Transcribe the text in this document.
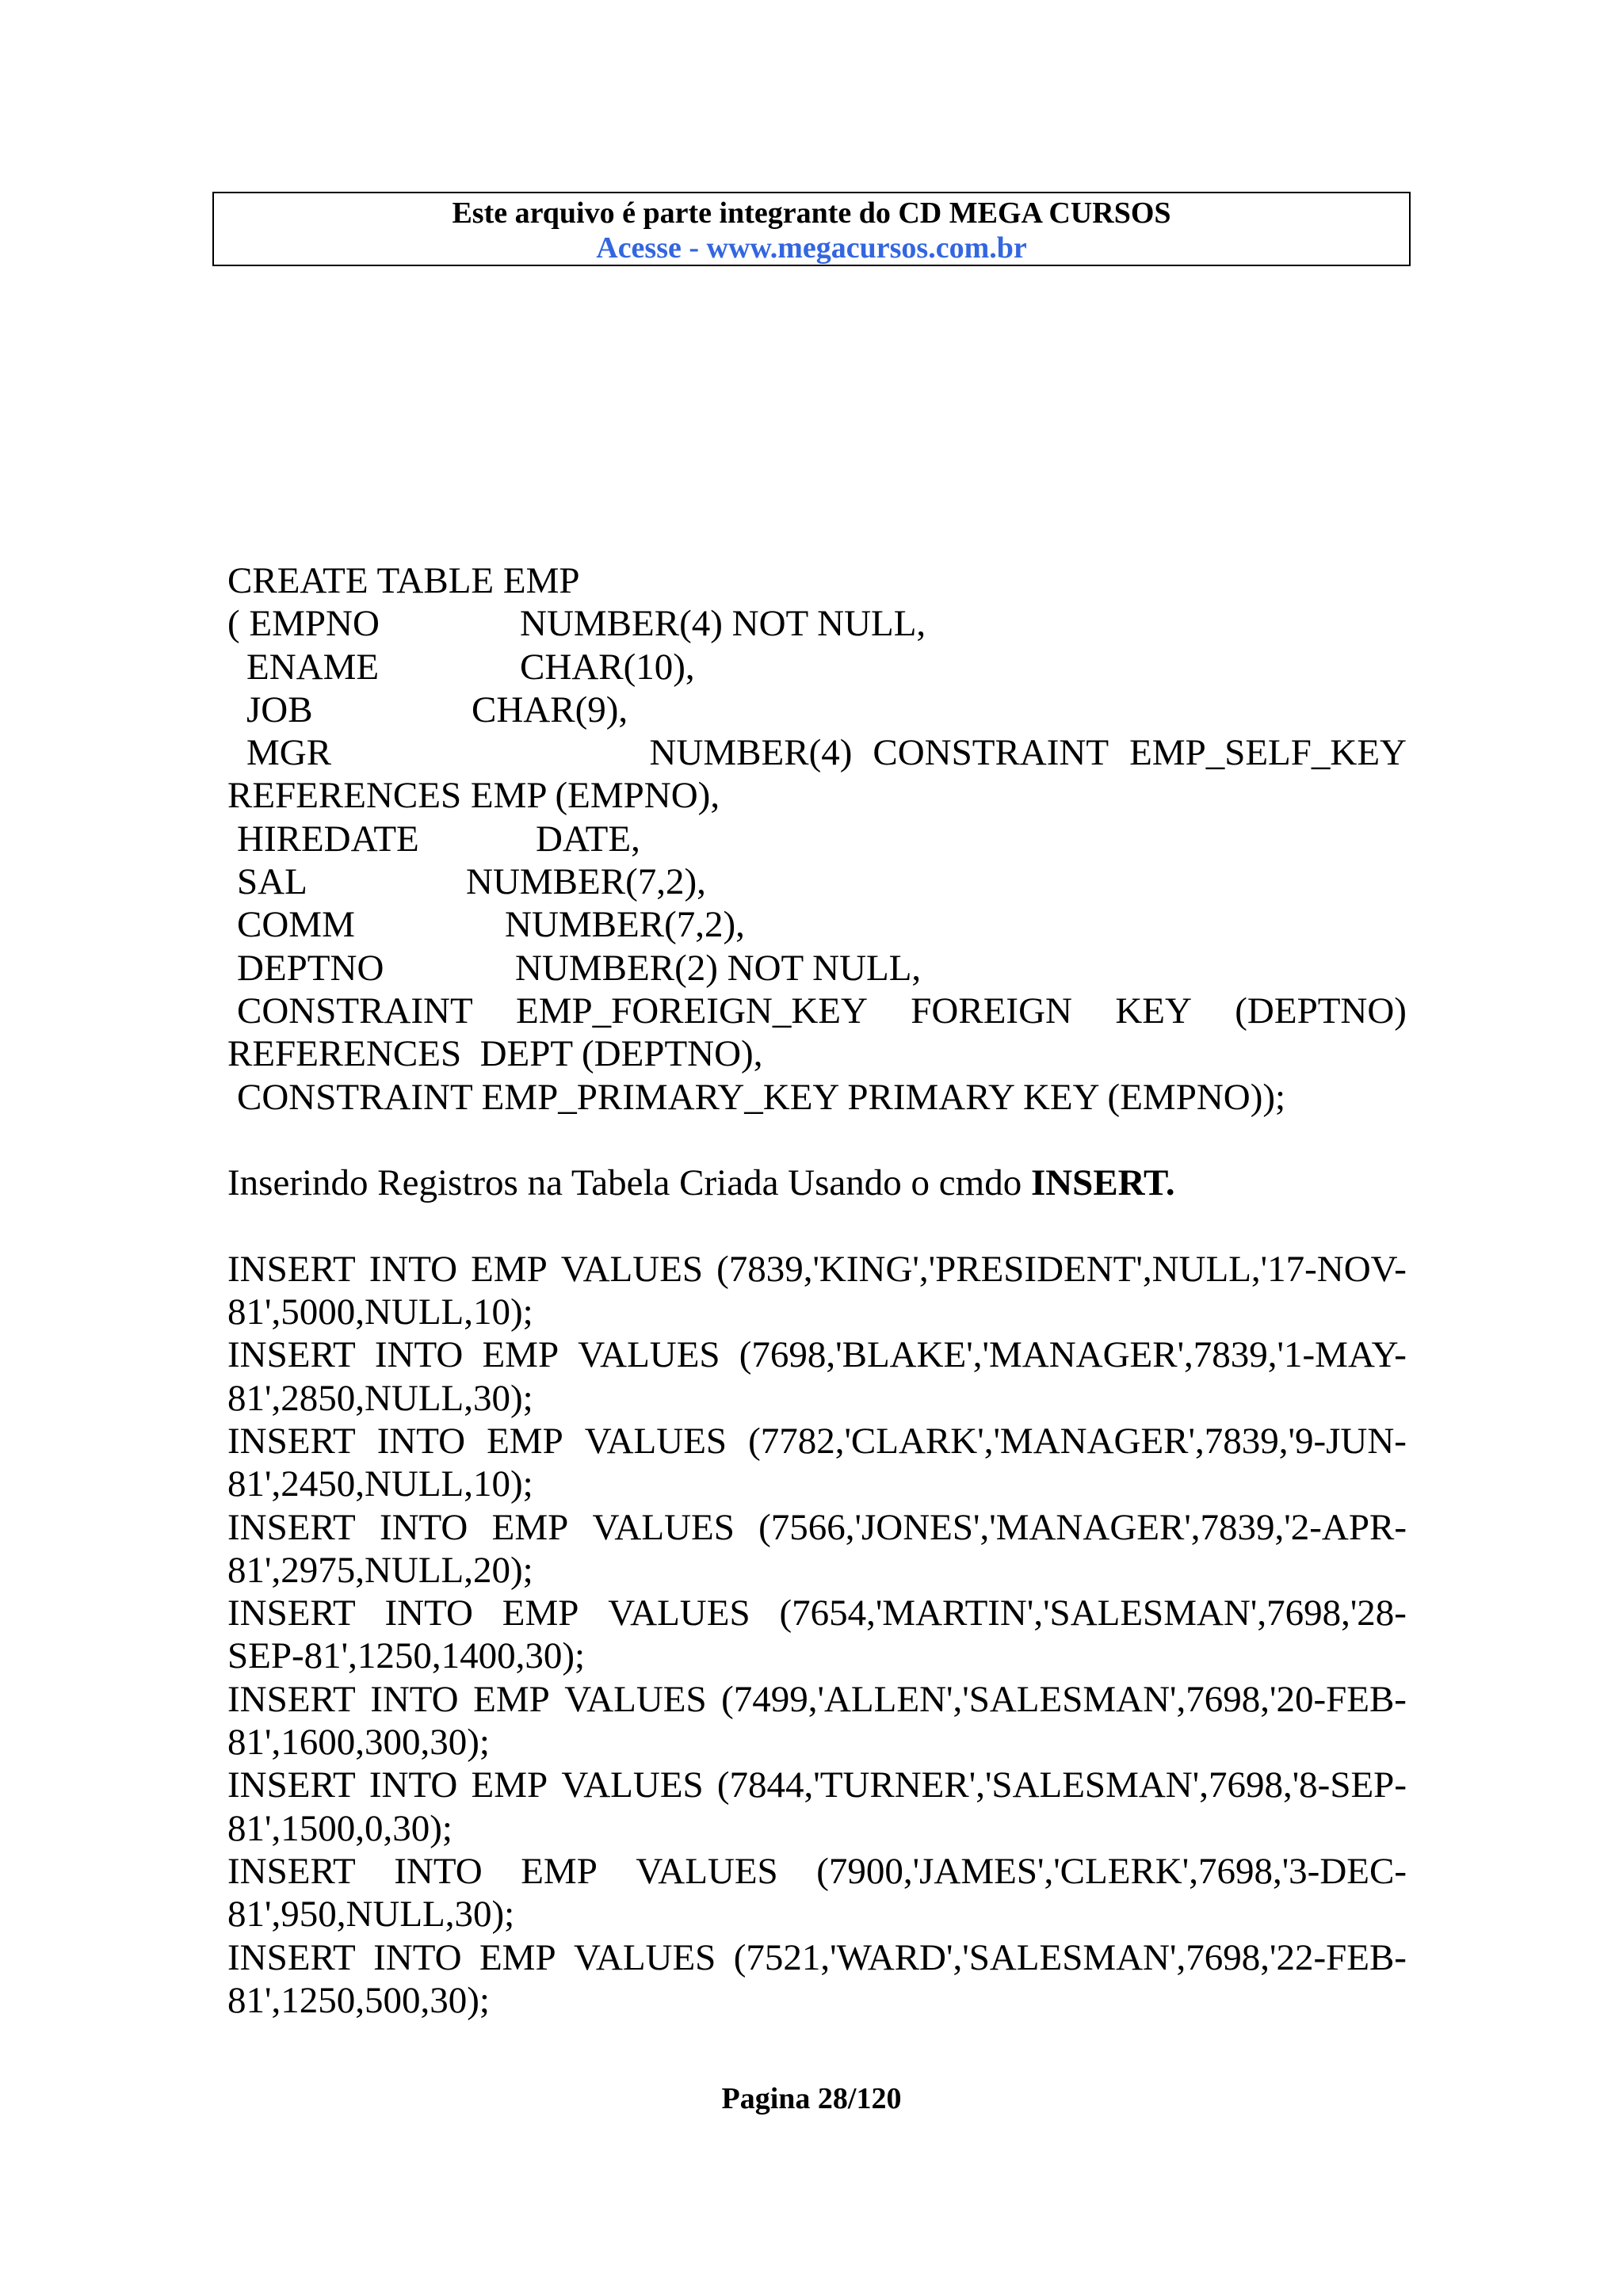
Este arquivo é parte integrante do CD MEGA CURSOS
Acesse - www.megacursos.com.br
CREATE TABLE EMP
( EMPNO	NUMBER(4) NOT NULL,
ENAME	CHAR(10),
JOB	CHAR(9),
MGR	NUMBER(4) CONSTRAINT EMP_SELF_KEY
REFERENCES EMP (EMPNO),
HIREDATE	DATE,
SAL	NUMBER(7,2),
COMM	NUMBER(7,2),
DEPTNO	NUMBER(2) NOT NULL,
CONSTRAINT EMP_FOREIGN_KEY FOREIGN KEY (DEPTNO)
REFERENCES  DEPT (DEPTNO),
CONSTRAINT EMP_PRIMARY_KEY PRIMARY KEY (EMPNO));
Inserindo Registros na Tabela Criada Usando o cmdo INSERT.
INSERT INTO EMP VALUES (7839,'KING','PRESIDENT',NULL,'17-NOV-
81',5000,NULL,10);
INSERT INTO EMP VALUES (7698,'BLAKE','MANAGER',7839,'1-MAY-
81',2850,NULL,30);
INSERT INTO EMP VALUES (7782,'CLARK','MANAGER',7839,'9-JUN-
81',2450,NULL,10);
INSERT INTO EMP VALUES (7566,'JONES','MANAGER',7839,'2-APR-
81',2975,NULL,20);
INSERT INTO EMP VALUES (7654,'MARTIN','SALESMAN',7698,'28-
SEP-81',1250,1400,30);
INSERT INTO EMP VALUES (7499,'ALLEN','SALESMAN',7698,'20-FEB-
81',1600,300,30);
INSERT INTO EMP VALUES (7844,'TURNER','SALESMAN',7698,'8-SEP-
81',1500,0,30);
INSERT INTO EMP VALUES (7900,'JAMES','CLERK',7698,'3-DEC-
81',950,NULL,30);
INSERT INTO EMP VALUES (7521,'WARD','SALESMAN',7698,'22-FEB-
81',1250,500,30);
Pagina 28/120
